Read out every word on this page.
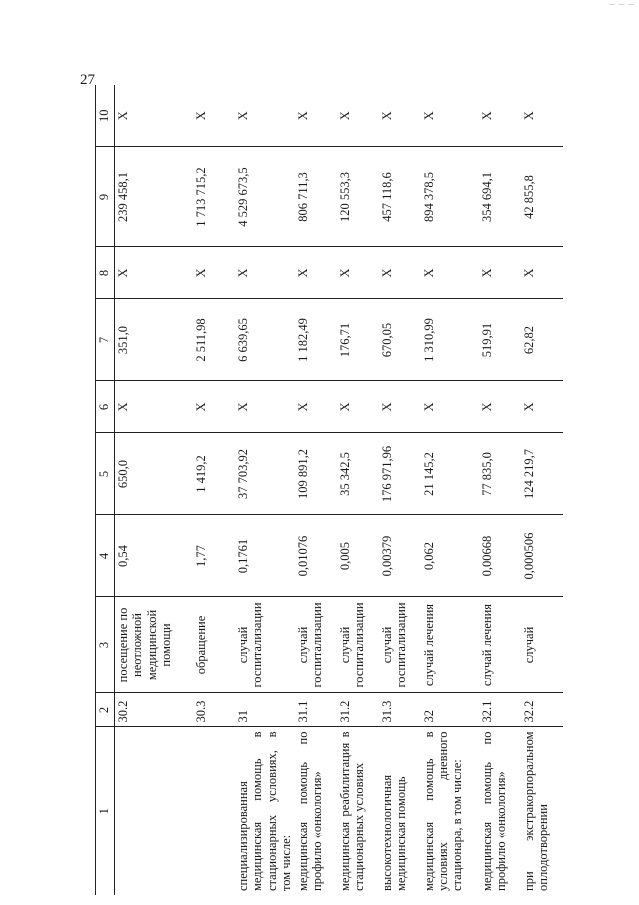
27
— — —
1	2	3	4	5	6	7	8	9	10
	30.2	посещение по неотложной медицинской помощи	0,54	650,0	X	351,0	X	239 458,1	X
	30.3	обращение	1,77	1 419,2	X	2 511,98	X	1 713 715,2	X
специализированная медицинская помощь в стационарных условиях, в том числе:	31	случай госпитализации	0,1761	37 703,92	X	6 639,65	X	4 529 673,5	X
медицинская помощь по профилю «онкология»	31.1	случай госпитализации	0,01076	109 891,2	X	1 182,49	X	806 711,3	X
медицинская реабилитация в стационарных условиях	31.2	случай госпитализации	0,005	35 342,5	X	176,71	X	120 553,3	X
высокотехнологичная медицинская помощь	31.3	случай госпитализации	0,00379	176 971,96	X	670,05	X	457 118,6	X
медицинская помощь в условиях дневного стационара, в том числе:	32	случай лечения	0,062	21 145,2	X	1 310,99	X	894 378,5	X
медицинская помощь по профилю «онкология»	32.1	случай лечения	0,00668	77 835,0	X	519,91	X	354 694,1	X
при экстракорпоральном оплодотворении	32.2	случай	0,000506	124 219,7	X	62,82	X	42 855,8	X
